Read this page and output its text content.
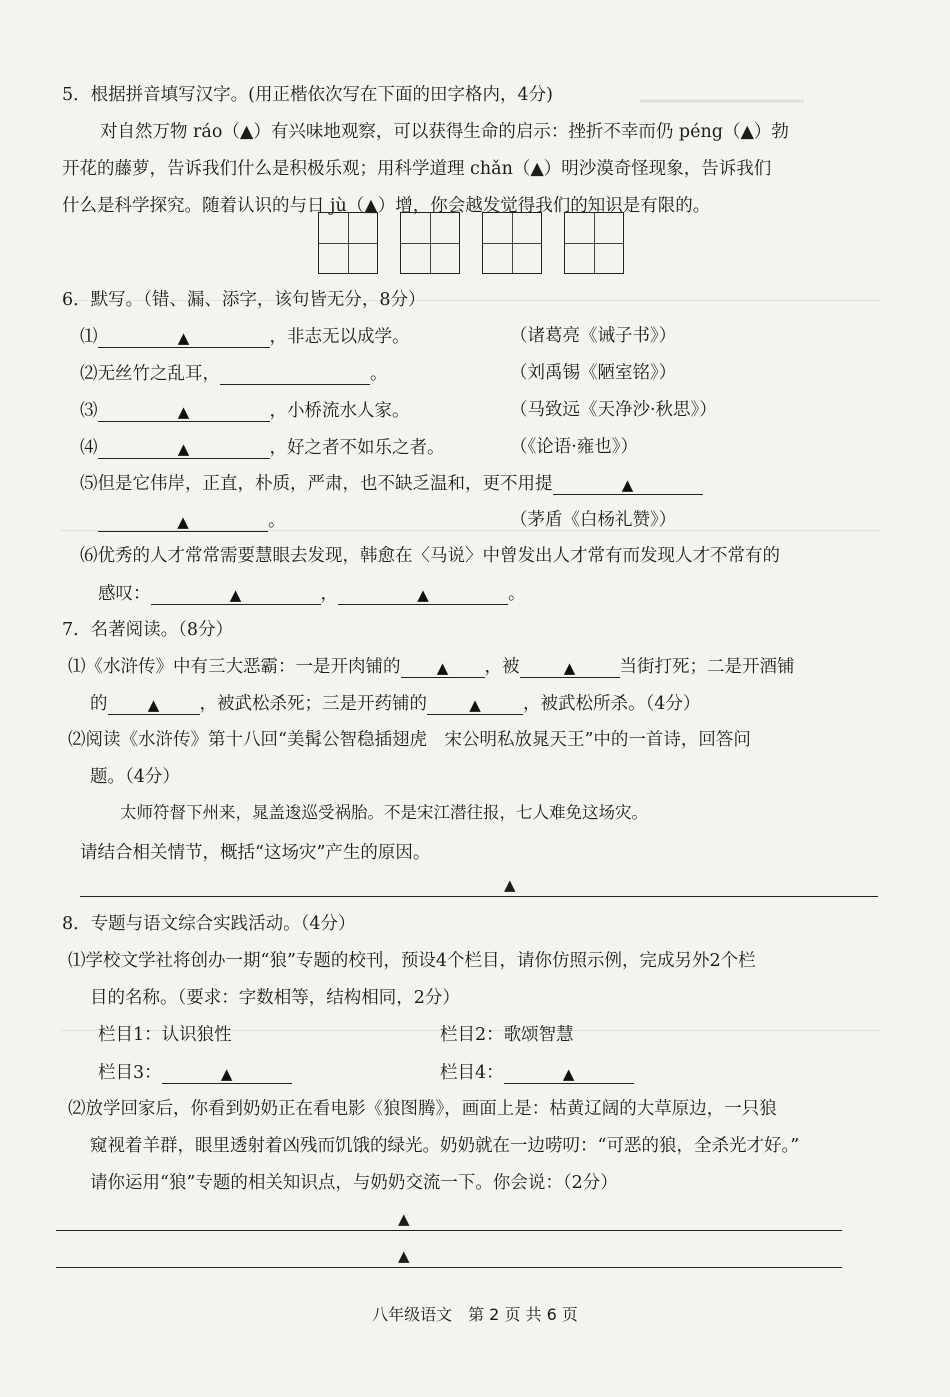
━━━━━━━━━━━━━━━━
5．根据拼音填写汉字。(用正楷依次写在下面的田字格内，4分)
对自然万物 ráo（▲）有兴味地观察，可以获得生命的启示：挫折不幸而仍 péng（▲）勃
开花的藤萝，告诉我们什么是积极乐观；用科学道理 chǎn（▲）明沙漠奇怪现象，告诉我们
什么是科学探究。随着认识的与日 jù（▲）增，你会越发觉得我们的知识是有限的。
6．默写。（错、漏、添字，该句皆无分，8分）
⑴	▲	，非志无以成学。	（诸葛亮《诫子书》）
⑵无丝竹之乱耳，	。	（刘禹锡《陋室铭》）
⑶	▲	，小桥流水人家。	（马致远《天净沙·秋思》）
⑷	▲	，好之者不如乐之者。	（《论语·雍也》）
⑸但是它伟岸，正直，朴质，严肃，也不缺乏温和，更不用提	▲
▲	。	（茅盾《白杨礼赞》）
⑹优秀的人才常常需要慧眼去发现，韩愈在〈马说〉中曾发出人才常有而发现人才不常有的
感叹：	▲	，	▲	。
7．名著阅读。（8分）
⑴《水浒传》中有三大恶霸：一是开肉铺的	▲	，被	▲	当街打死；二是开酒铺
的	▲	，被武松杀死；三是开药铺的	▲	，被武松所杀。（4分）
⑵阅读《水浒传》第十八回“美髯公智稳插翅虎　宋公明私放晁天王”中的一首诗，回答问
题。（4分）
太师符督下州来，晁盖逡巡受祸胎。不是宋江潜往报，七人难免这场灾。
请结合相关情节，概括“这场灾”产生的原因。
▲
8．专题与语文综合实践活动。（4分）
⑴学校文学社将创办一期“狼”专题的校刊，预设4个栏目，请你仿照示例，完成另外2个栏
目的名称。（要求：字数相等，结构相同，2分）
栏目1：认识狼性	栏目2：歌颂智慧
栏目3：	▲	栏目4：	▲
⑵放学回家后，你看到奶奶正在看电影《狼图腾》，画面上是：枯黄辽阔的大草原边，一只狼
窥视着羊群，眼里透射着凶残而饥饿的绿光。奶奶就在一边唠叨：“可恶的狼，全杀光才好。”
请你运用“狼”专题的相关知识点，与奶奶交流一下。你会说：（2分）
▲
▲
八年级语文　第 2 页 共 6 页
